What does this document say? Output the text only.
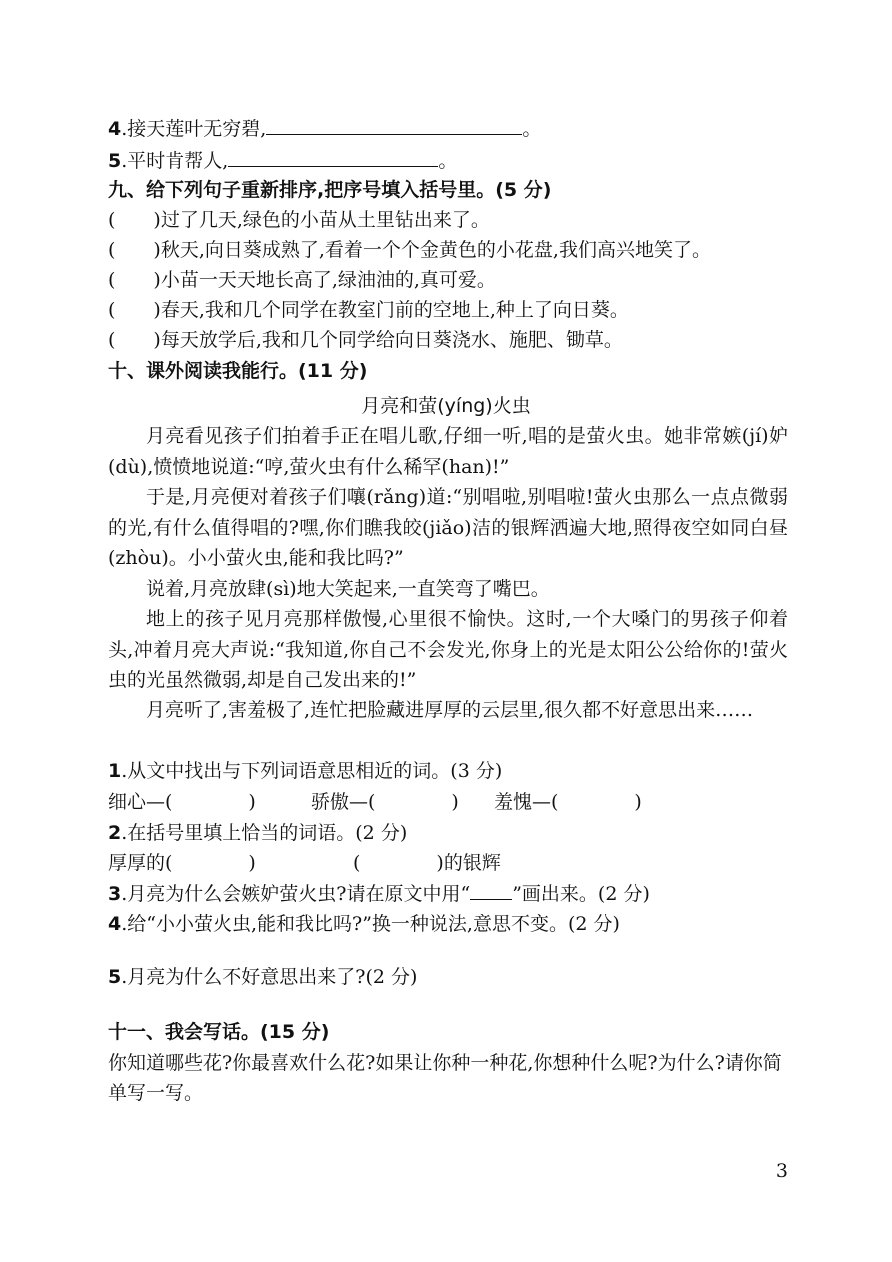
4.接天莲叶无穷碧,	。
5.平时肯帮人,	。
九、给下列句子重新排序,把序号填入括号里。(5 分)
(　　)过了几天,绿色的小苗从土里钻出来了。
(　　)秋天,向日葵成熟了,看着一个个金黄色的小花盘,我们高兴地笑了。
(　　)小苗一天天地长高了,绿油油的,真可爱。
(　　)春天,我和几个同学在教室门前的空地上,种上了向日葵。
(　　)每天放学后,我和几个同学给向日葵浇水、施肥、锄草。
十、课外阅读我能行。(11 分)
月亮和萤(yíng)火虫
月亮看见孩子们拍着手正在唱儿歌,仔细一听,唱的是萤火虫。她非常嫉(jí)妒(dù),愤愤地说道:“哼,萤火虫有什么稀罕(han)!”
于是,月亮便对着孩子们嚷(rǎng)道:“别唱啦,别唱啦!萤火虫那么一点点微弱的光,有什么值得唱的?嘿,你们瞧我皎(jiǎo)洁的银辉洒遍大地,照得夜空如同白昼(zhòu)。小小萤火虫,能和我比吗?”
说着,月亮放肆(sì)地大笑起来,一直笑弯了嘴巴。
地上的孩子见月亮那样傲慢,心里很不愉快。这时,一个大嗓门的男孩子仰着头,冲着月亮大声说:“我知道,你自己不会发光,你身上的光是太阳公公给你的!萤火虫的光虽然微弱,却是自己发出来的!”
月亮听了,害羞极了,连忙把脸藏进厚厚的云层里,很久都不好意思出来……
1.从文中找出与下列词语意思相近的词。(3 分)
细心—(　　　　)	骄傲—(　　　　) 羞愧—(　　　　)
2.在括号里填上恰当的词语。(2 分)
厚厚的(　　　　)	(　　　　)的银辉
3.月亮为什么会嫉妒萤火虫?请在原文中用“ ”画出来。(2 分)
4.给“小小萤火虫,能和我比吗?”换一种说法,意思不变。(2 分)
5.月亮为什么不好意思出来了?(2 分)
十一、我会写话。(15 分)
你知道哪些花?你最喜欢什么花?如果让你种一种花,你想种什么呢?为什么?请你简单写一写。
3
